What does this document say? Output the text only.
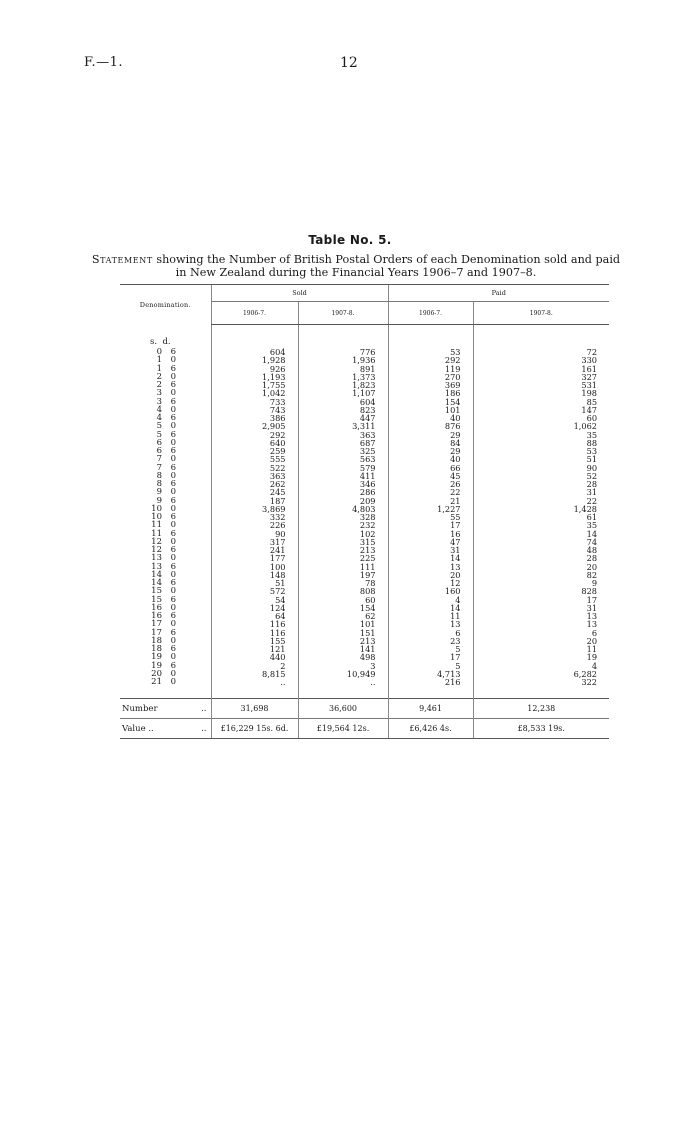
F.—1.	12
Table No. 5.
Statement showing the Number of British Postal Orders of each Denomination sold and paid
in New Zealand during the Financial Years 1906–7 and 1907–8.
Denomination.	Sold		Paid	
	1906-7.	1907-8.	1906-7.	1907-8.

s.  d.				

0 6	604	776	53	72

1 0	1,928	1,936	292	330

1 6	926	891	119	161

2 0	1,193	1,373	270	327

2 6	1,755	1,823	369	531

3 0	1,042	1,107	186	198

3 6	733	604	154	85

4 0	743	823	101	147

4 6	386	447	40	60

5 0	2,905	3,311	876	1,062

5 6	292	363	29	35

6 0	640	687	84	88

6 6	259	325	29	53

7 0	555	563	40	51

7 6	522	579	66	90

8 0	363	411	45	52

8 6	262	346	26	28

9 0	245	286	22	31

9 6	187	209	21	22

10 0	3,869	4,803	1,227	1,428

10 6	332	328	55	61

11 0	226	232	17	35

11 6	90	102	16	14

12 0	317	315	47	74

12 6	241	213	31	48

13 0	177	225	14	28

13 6	100	111	13	20

14 0	148	197	20	82

14 6	51	78	12	9

15 0	572	808	160	828

15 6	54	60	4	17

16 0	124	154	14	31

16 6	64	62	11	13

17 0	116	101	13	13

17 6	116	151	6	6

18 0	155	213	23	20

18 6	121	141	5	11

19 0	440	498	17	19

19 6	2	3	5	4

20 0	8,815	10,949	4,713	6,282

21 0	..	..	216	322

Number ..	31,698	36,600	9,461	12,238
Value .. ..	£16,229 15s. 6d.	£19,564 12s.	£6,426 4s.	£8,533 19s.
